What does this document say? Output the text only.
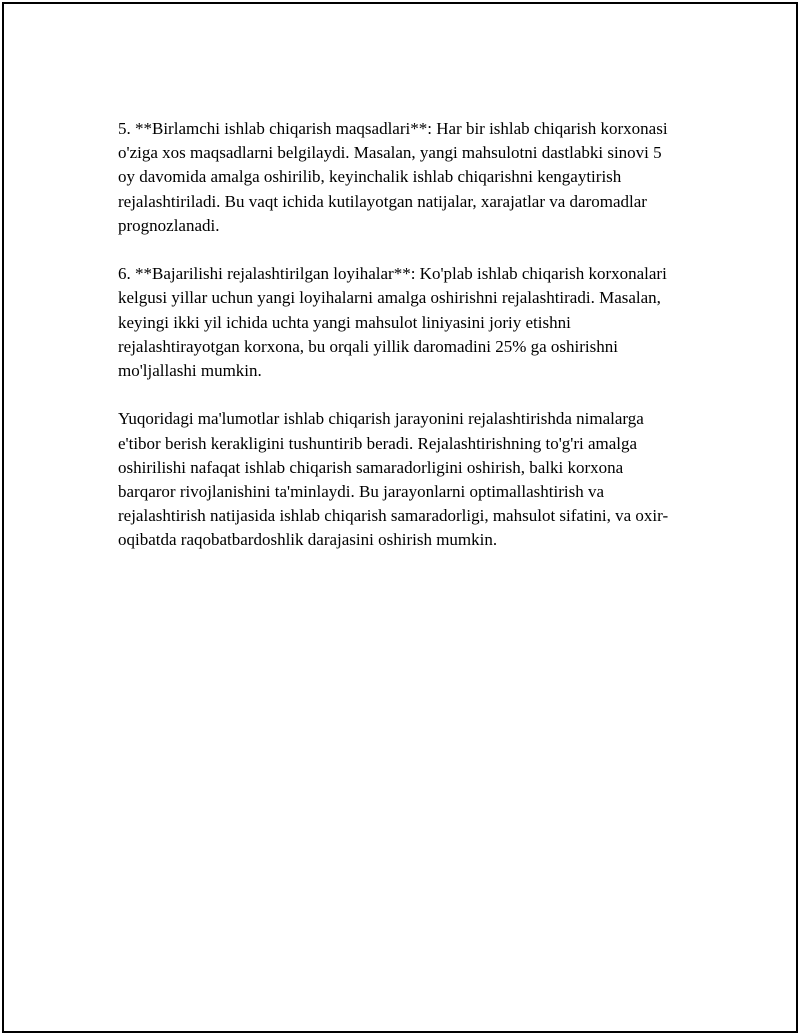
5. **Birlamchi ishlab chiqarish maqsadlari**: Har bir ishlab chiqarish korxonasi o'ziga xos maqsadlarni belgilaydi. Masalan, yangi mahsulotni dastlabki sinovi 5 oy davomida amalga oshirilib, keyinchalik ishlab chiqarishni kengaytirish rejalashtiriladi. Bu vaqt ichida kutilayotgan natijalar, xarajatlar va daromadlar prognozlanadi.

6. **Bajarilishi rejalashtirilgan loyihalar**: Ko'plab ishlab chiqarish korxonalari kelgusi yillar uchun yangi loyihalarni amalga oshirishni rejalashtiradi. Masalan, keyingi ikki yil ichida uchta yangi mahsulot liniyasini joriy etishni rejalashtirayotgan korxona, bu orqali yillik daromadini 25% ga oshirishni mo'ljallashi mumkin.

Yuqoridagi ma'lumotlar ishlab chiqarish jarayonini rejalashtirishda nimalarga e'tibor berish kerakligini tushuntirib beradi. Rejalashtirishning to'g'ri amalga oshirilishi nafaqat ishlab chiqarish samaradorligini oshirish, balki korxona barqaror rivojlanishini ta'minlaydi. Bu jarayonlarni optimallashtirish va rejalashtirish natijasida ishlab chiqarish samaradorligi, mahsulot sifatini, va oxir-oqibatda raqobatbardoshlik darajasini oshirish mumkin.
